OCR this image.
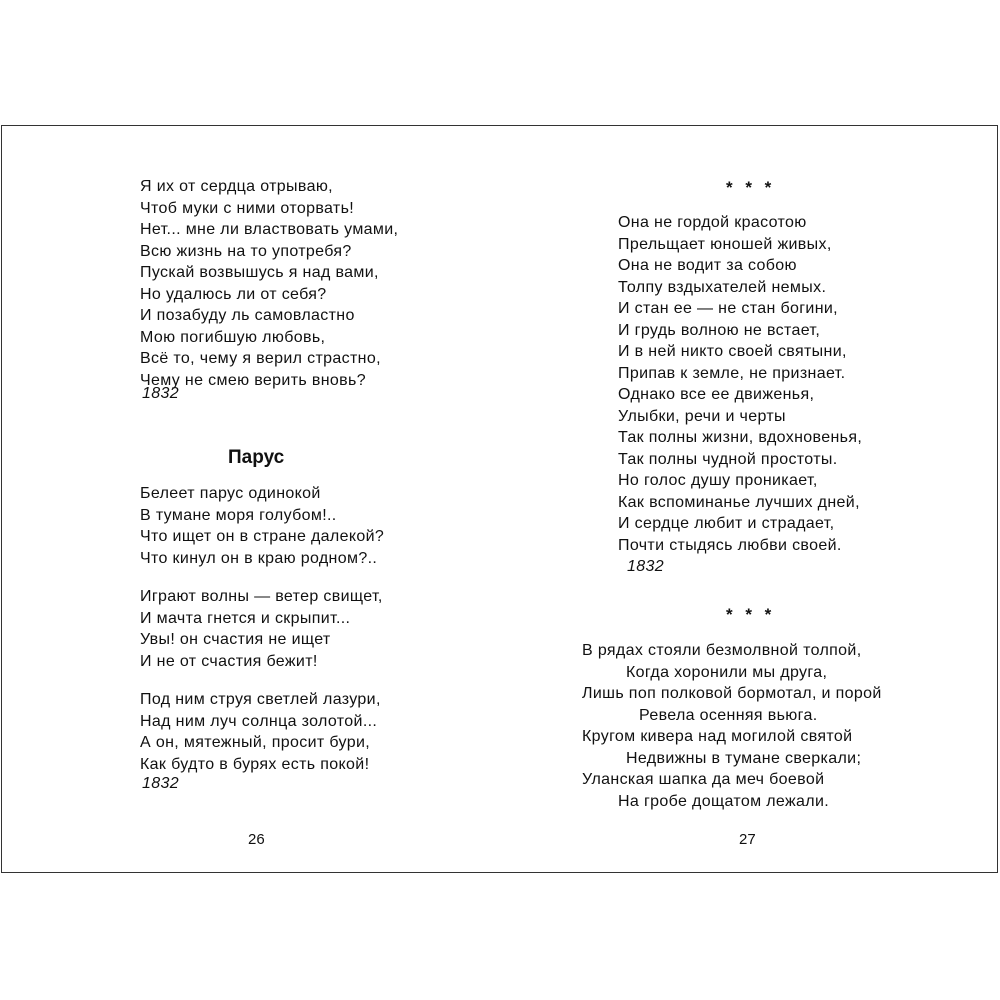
Я их от сердца отрываю,
Чтоб муки с ними оторвать!
Нет... мне ли властвовать умами,
Всю жизнь на то употребя?
Пускай возвышусь я над вами,
Но удалюсь ли от себя?
И позабуду ль самовластно
Мою погибшую любовь,
Всё то, чему я верил страстно,
Чему не смею верить вновь?
1832
Парус
Белеет парус одинокой
В тумане моря голубом!..
Что ищет он в стране далекой?
Что кинул он в краю родном?..
Играют волны — ветер свищет,
И мачта гнется и скрыпит...
Увы! он счастия не ищет
И не от счастия бежит!
Под ним струя светлей лазури,
Над ним луч солнца золотой...
А он, мятежный, просит бури,
Как будто в бурях есть покой!
1832
26
* * *
Она не гордой красотою
Прельщает юношей живых,
Она не водит за собою
Толпу вздыхателей немых.
И стан ее — не стан богини,
И грудь волною не встает,
И в ней никто своей святыни,
Припав к земле, не признает.
Однако все ее движенья,
Улыбки, речи и черты
Так полны жизни, вдохновенья,
Так полны чудной простоты.
Но голос душу проникает,
Как вспоминанье лучших дней,
И сердце любит и страдает,
Почти стыдясь любви своей.
1832
* * *
В рядах стояли безмолвной толпой,
Когда хоронили мы друга,
Лишь поп полковой бормотал, и порой
Ревела осенняя вьюга.
Кругом кивера над могилой святой
Недвижны в тумане сверкали;
Уланская шапка да меч боевой
На гробе дощатом лежали.
27
